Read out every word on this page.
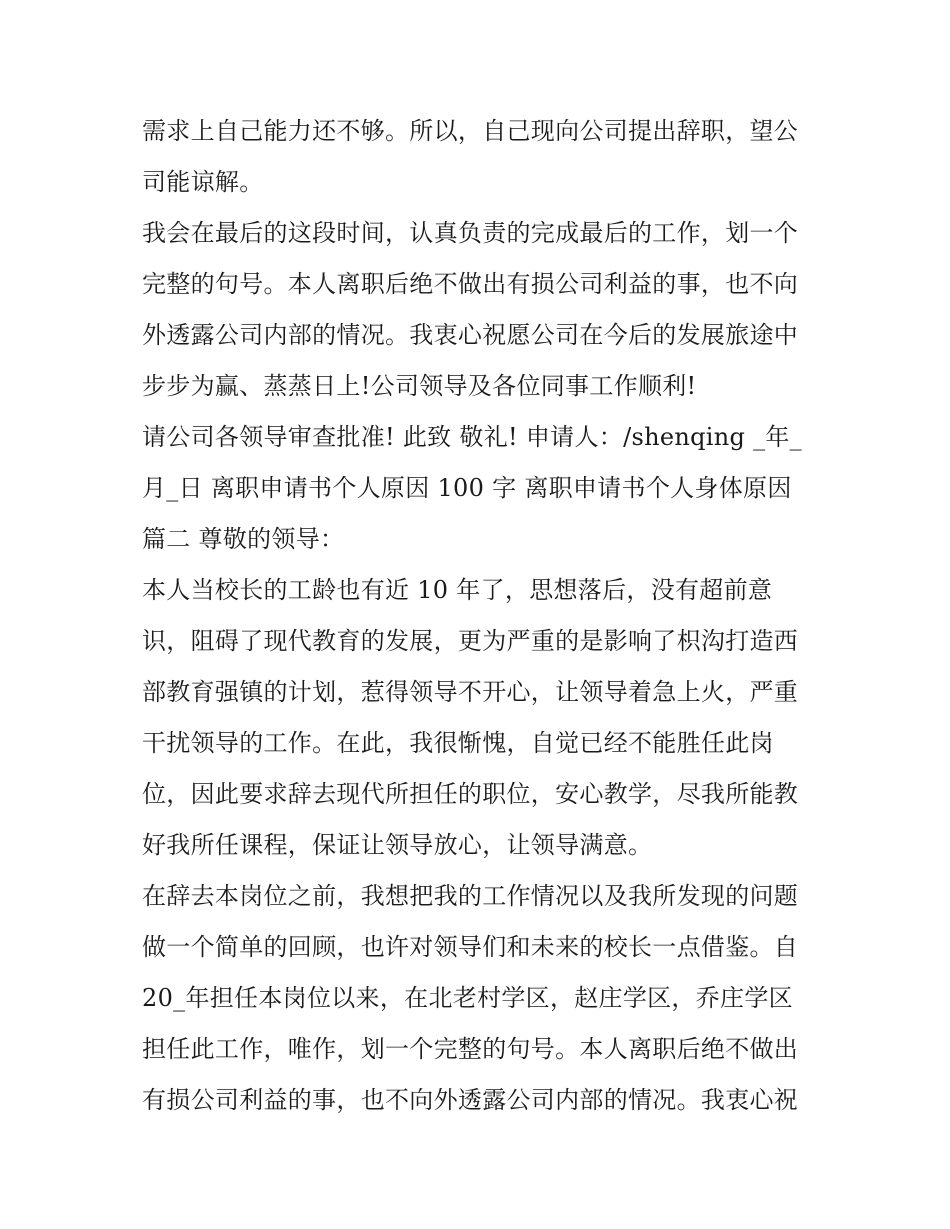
需求上自己能力还不够。所以，自己现向公司提出辞职，望公
司能谅解。
我会在最后的这段时间，认真负责的完成最后的工作，划一个
完整的句号。本人离职后绝不做出有损公司利益的事，也不向
外透露公司内部的情况。我衷心祝愿公司在今后的发展旅途中
步步为赢、蒸蒸日上!公司领导及各位同事工作顺利!
请公司各领导审查批准! 此致 敬礼! 申请人：/shenqing _年_
月_日 离职申请书个人原因 100 字 离职申请书个人身体原因
篇二 尊敬的领导：
本人当校长的工龄也有近 10 年了，思想落后，没有超前意
识，阻碍了现代教育的发展，更为严重的是影响了枳沟打造西
部教育强镇的计划，惹得领导不开心，让领导着急上火，严重
干扰领导的工作。在此，我很惭愧，自觉已经不能胜任此岗
位，因此要求辞去现代所担任的职位，安心教学，尽我所能教
好我所任课程，保证让领导放心，让领导满意。
在辞去本岗位之前，我想把我的工作情况以及我所发现的问题
做一个简单的回顾，也许对领导们和未来的校长一点借鉴。自
20_年担任本岗位以来，在北老村学区，赵庄学区，乔庄学区
担任此工作，唯作，划一个完整的句号。本人离职后绝不做出
有损公司利益的事，也不向外透露公司内部的情况。我衷心祝
